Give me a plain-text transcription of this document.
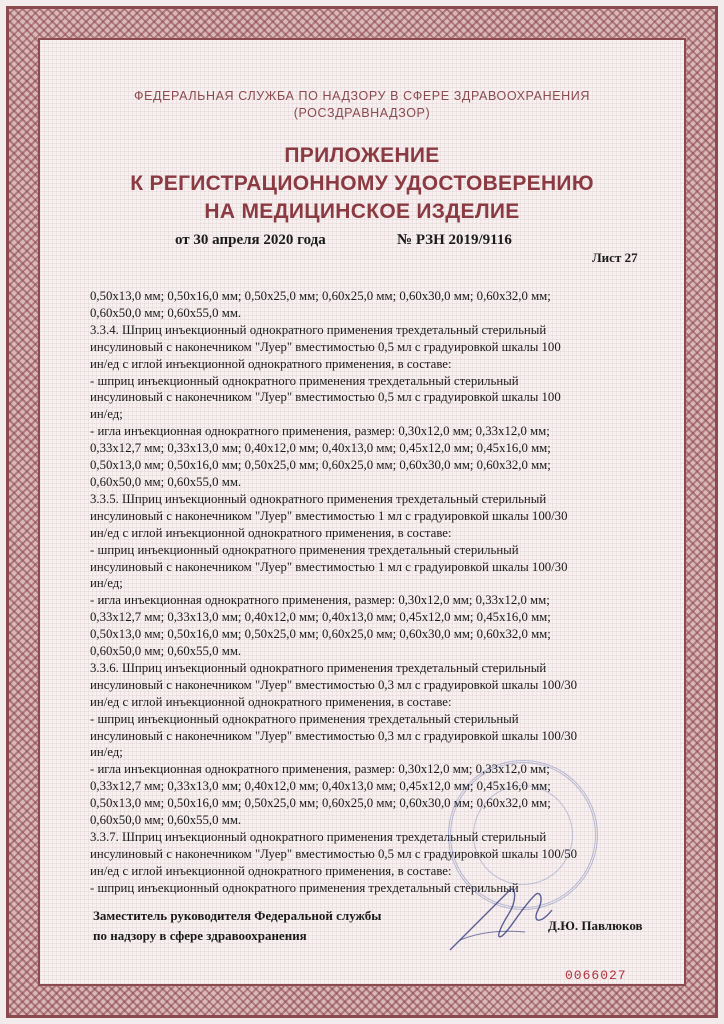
ФЕДЕРАЛЬНАЯ СЛУЖБА ПО НАДЗОРУ В СФЕРЕ ЗДРАВООХРАНЕНИЯ
(РОСЗДРАВНАДЗОР)
ПРИЛОЖЕНИЕ
К РЕГИСТРАЦИОННОМУ УДОСТОВЕРЕНИЮ
НА МЕДИЦИНСКОЕ ИЗДЕЛИЕ
от 30 апреля 2020 года	№ РЗН 2019/9116
Лист 27
0,50x13,0 мм; 0,50x16,0 мм; 0,50x25,0 мм; 0,60x25,0 мм; 0,60x30,0 мм; 0,60x32,0 мм;
0,60x50,0 мм; 0,60x55,0 мм.
3.3.4. Шприц инъекционный однократного применения трехдетальный стерильный
инсулиновый с наконечником "Луер" вместимостью 0,5 мл с градуировкой шкалы 100
ин/ед с иглой инъекционной однократного применения, в составе:
- шприц инъекционный однократного применения трехдетальный стерильный
инсулиновый с наконечником "Луер" вместимостью 0,5 мл с градуировкой шкалы 100
ин/ед;
- игла инъекционная однократного применения, размер: 0,30x12,0 мм; 0,33x12,0 мм;
0,33x12,7 мм; 0,33x13,0 мм; 0,40x12,0 мм; 0,40x13,0 мм; 0,45x12,0 мм; 0,45x16,0 мм;
0,50x13,0 мм; 0,50x16,0 мм; 0,50x25,0 мм; 0,60x25,0 мм; 0,60x30,0 мм; 0,60x32,0 мм;
0,60x50,0 мм; 0,60x55,0 мм.
3.3.5. Шприц инъекционный однократного применения трехдетальный стерильный
инсулиновый с наконечником "Луер" вместимостью 1 мл с градуировкой шкалы 100/30
ин/ед с иглой инъекционной однократного применения, в составе:
- шприц инъекционный однократного применения трехдетальный стерильный
инсулиновый с наконечником "Луер" вместимостью 1 мл с градуировкой шкалы 100/30
ин/ед;
- игла инъекционная однократного применения, размер: 0,30x12,0 мм; 0,33x12,0 мм;
0,33x12,7 мм; 0,33x13,0 мм; 0,40x12,0 мм; 0,40x13,0 мм; 0,45x12,0 мм; 0,45x16,0 мм;
0,50x13,0 мм; 0,50x16,0 мм; 0,50x25,0 мм; 0,60x25,0 мм; 0,60x30,0 мм; 0,60x32,0 мм;
0,60x50,0 мм; 0,60x55,0 мм.
3.3.6. Шприц инъекционный однократного применения трехдетальный стерильный
инсулиновый с наконечником "Луер" вместимостью 0,3 мл с градуировкой шкалы 100/30
ин/ед с иглой инъекционной однократного применения, в составе:
- шприц инъекционный однократного применения трехдетальный стерильный
инсулиновый с наконечником "Луер" вместимостью 0,3 мл с градуировкой шкалы 100/30
ин/ед;
- игла инъекционная однократного применения, размер: 0,30x12,0 мм; 0,33x12,0 мм;
0,33x12,7 мм; 0,33x13,0 мм; 0,40x12,0 мм; 0,40x13,0 мм; 0,45x12,0 мм; 0,45x16,0 мм;
0,50x13,0 мм; 0,50x16,0 мм; 0,50x25,0 мм; 0,60x25,0 мм; 0,60x30,0 мм; 0,60x32,0 мм;
0,60x50,0 мм; 0,60x55,0 мм.
3.3.7. Шприц инъекционный однократного применения трехдетальный стерильный
инсулиновый с наконечником "Луер" вместимостью 0,5 мл с градуировкой шкалы 100/50
ин/ед с иглой инъекционной однократного применения, в составе:
- шприц инъекционный однократного применения трехдетальный стерильный
Заместитель руководителя Федеральной службы
по надзору в сфере здравоохранения
Д.Ю. Павлюков
0066027
